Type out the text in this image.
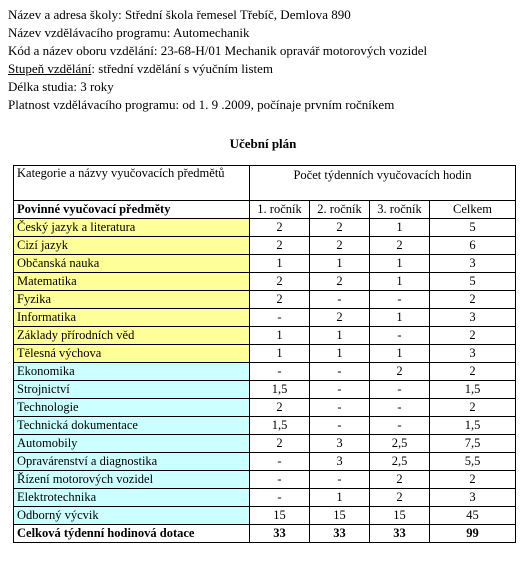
Název a adresa školy: Střední škola řemesel Třebíč, Demlova 890
Název vzdělávacího programu: Automechanik
Kód a název oboru vzdělání: 23-68-H/01 Mechanik opravář motorových vozidel
Stupeň vzdělání: střední vzdělání s výučním listem
Délka studia: 3 roky
Platnost vzdělávacího programu: od 1. 9 .2009, počínaje prvním ročníkem
Učební plán
Kategorie a názvy vyučovacích předmětů	Počet týdenních vyučovacích hodin			
Povinné vyučovací předměty	1. ročník	2. ročník	3. ročník	Celkem
Český jazyk a literatura	2	2	1	5
Cizí jazyk	2	2	2	6
Občanská nauka	1	1	1	3
Matematika	2	2	1	5
Fyzika	2	-	-	2
Informatika	-	2	1	3
Základy přírodních věd	1	1	-	2
Tělesná výchova	1	1	1	3
Ekonomika	-	-	2	2
Strojnictví	1,5	-	-	1,5
Technologie	2	-	-	2
Technická dokumentace	1,5	-	-	1,5
Automobily	2	3	2,5	7,5
Opravárenství a diagnostika	-	3	2,5	5,5
Řízení motorových vozidel	-	-	2	2
Elektrotechnika	-	1	2	3
Odborný výcvik	15	15	15	45
Celková týdenní hodinová dotace	33	33	33	99
